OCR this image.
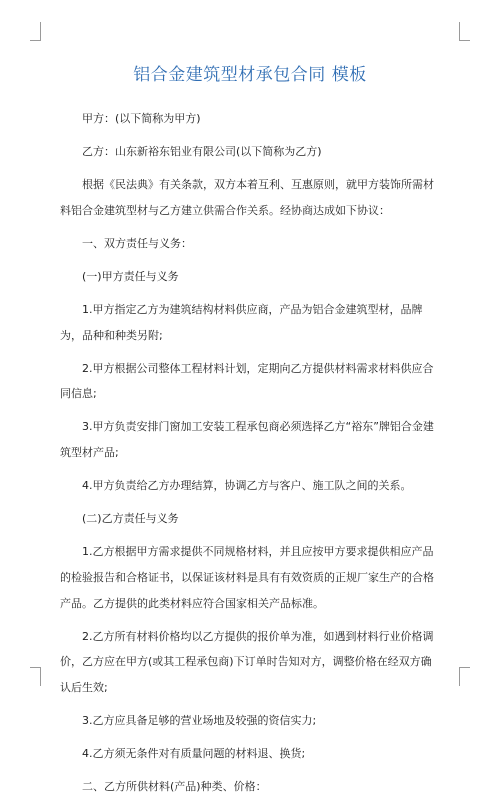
铝合金建筑型材承包合同 模板

甲方：(以下简称为甲方)

乙方：山东新裕东铝业有限公司(以下简称为乙方)

根据《民法典》有关条款，双方本着互利、互惠原则，就甲方装饰所需材料铝合金建筑型材与乙方建立供需合作关系。经协商达成如下协议：

一、双方责任与义务：

(一)甲方责任与义务

1.甲方指定乙方为建筑结构材料供应商，产品为铝合金建筑型材，品牌为，品种和种类另附;

2.甲方根据公司整体工程材料计划，定期向乙方提供材料需求材料供应合同信息;

3.甲方负责安排门窗加工安装工程承包商必须选择乙方“裕东”牌铝合金建筑型材产品;

4.甲方负责给乙方办理结算，协调乙方与客户、施工队之间的关系。

(二)乙方责任与义务

1.乙方根据甲方需求提供不同规格材料，并且应按甲方要求提供相应产品的检验报告和合格证书，以保证该材料是具有有效资质的正规厂家生产的合格产品。乙方提供的此类材料应符合国家相关产品标准。

2.乙方所有材料价格均以乙方提供的报价单为准，如遇到材料行业价格调价，乙方应在甲方(或其工程承包商)下订单时告知对方，调整价格在经双方确认后生效;

3.乙方应具备足够的营业场地及较强的资信实力;

4.乙方须无条件对有质量问题的材料退、换货;

二、乙方所供材料(产品)种类、价格：
